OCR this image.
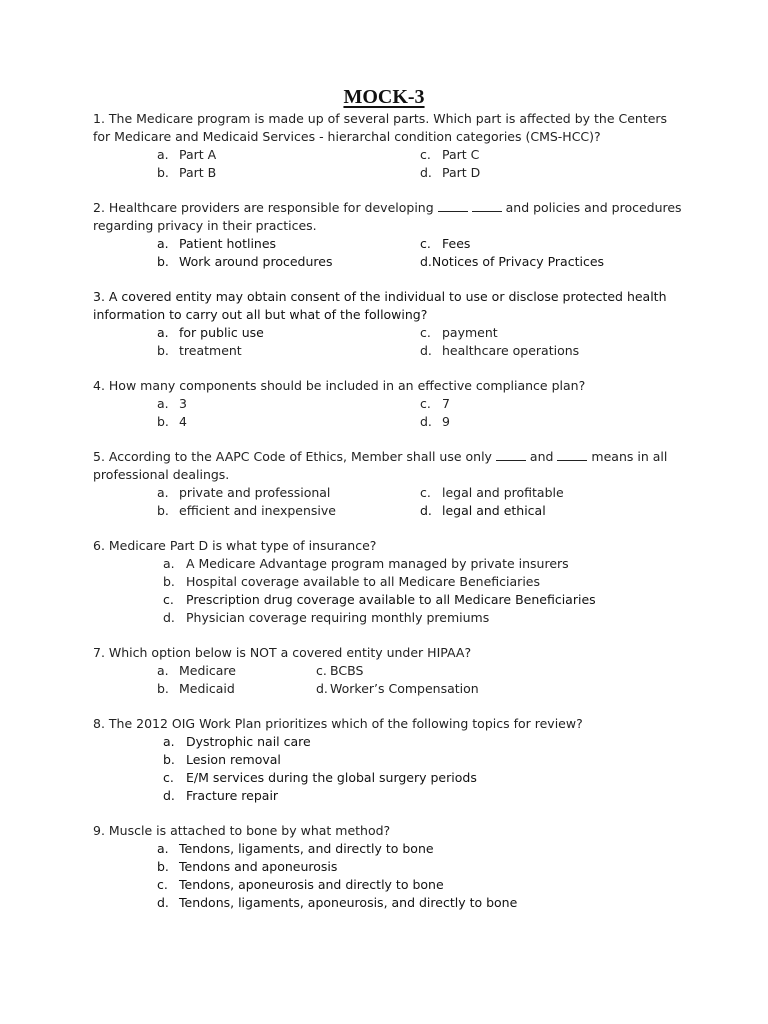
MOCK-3

1. The Medicare program is made up of several parts. Which part is affected by the Centers for Medicare and Medicaid Services - hierarchal condition categories (CMS-HCC)?

a. Part A	c. Part C
b. Part B	d. Part D

2. Healthcare providers are responsible for developing	and policies and procedures regarding privacy in their practices.

a. Patient hotlines	c. Fees
b. Work around procedures	d. Notices of Privacy Practices

3. A covered entity may obtain consent of the individual to use or disclose protected health information to carry out all but what of the following?

a. for public use	c. payment
b. treatment	d. healthcare operations

4. How many components should be included in an effective compliance plan?

a. 3	c. 7
b. 4	d. 9

5. According to the AAPC Code of Ethics, Member shall use only	and	means in all professional dealings.

a. private and professional	c. legal and profitable
b. efficient and inexpensive	d. legal and ethical

6. Medicare Part D is what type of insurance?

a. A Medicare Advantage program managed by private insurers
b. Hospital coverage available to all Medicare Beneficiaries
c. Prescription drug coverage available to all Medicare Beneficiaries
d. Physician coverage requiring monthly premiums

7. Which option below is NOT a covered entity under HIPAA?

a. Medicare	c. BCBS
b. Medicaid	d. Worker’s Compensation

8. The 2012 OIG Work Plan prioritizes which of the following topics for review?

a. Dystrophic nail care
b. Lesion removal
c. E/M services during the global surgery periods
d. Fracture repair

9. Muscle is attached to bone by what method?

a. Tendons, ligaments, and directly to bone
b. Tendons and aponeurosis
c. Tendons, aponeurosis and directly to bone
d. Tendons, ligaments, aponeurosis, and directly to bone
